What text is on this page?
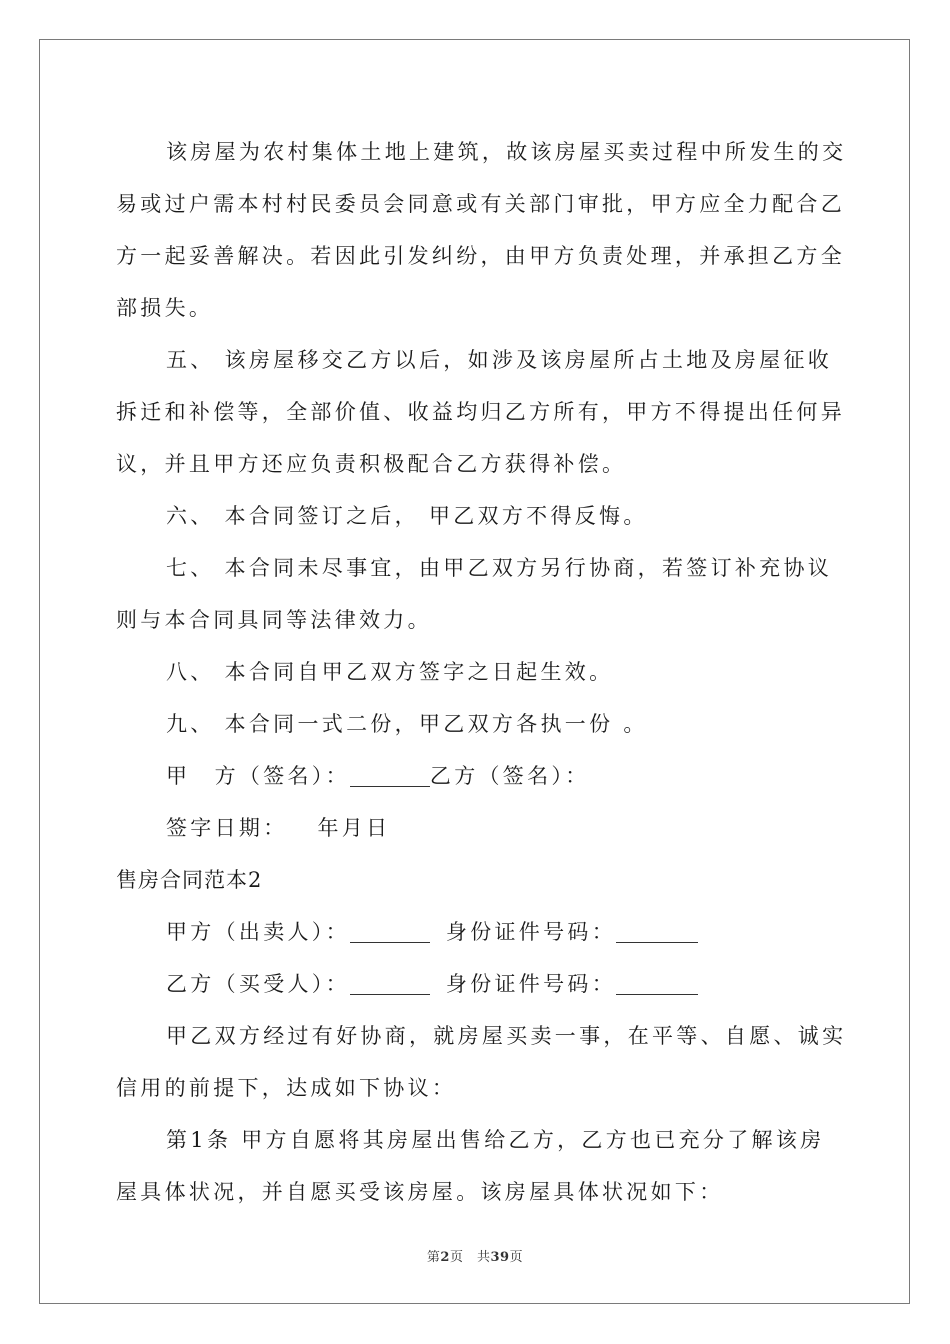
该房屋为农村集体土地上建筑，故该房屋买卖过程中所发生的交
易或过户需本村村民委员会同意或有关部门审批，甲方应全力配合乙
方一起妥善解决。若因此引发纠纷，由甲方负责处理，并承担乙方全
部损失。
五、 该房屋移交乙方以后，如涉及该房屋所占土地及房屋征收
拆迁和补偿等，全部价值、收益均归乙方所有，甲方不得提出任何异
议，并且甲方还应负责积极配合乙方获得补偿。
六、 本合同签订之后， 甲乙双方不得反悔。
七、 本合同未尽事宜，由甲乙双方另行协商，若签订补充协议
则与本合同具同等法律效力。
八、 本合同自甲乙双方签字之日起生效。
九、 本合同一式二份，甲乙双方各执一份 。
甲　方（签名）：	乙方（签名）：
签字日期： 年月日
售房合同范本2
甲方（出卖人）：	身份证件号码：
乙方（买受人）：	身份证件号码：
甲乙双方经过有好协商，就房屋买卖一事，在平等、自愿、诚实
信用的前提下，达成如下协议：
第1条 甲方自愿将其房屋出售给乙方，乙方也已充分了解该房
屋具体状况，并自愿买受该房屋。该房屋具体状况如下：
第2页　共39页
